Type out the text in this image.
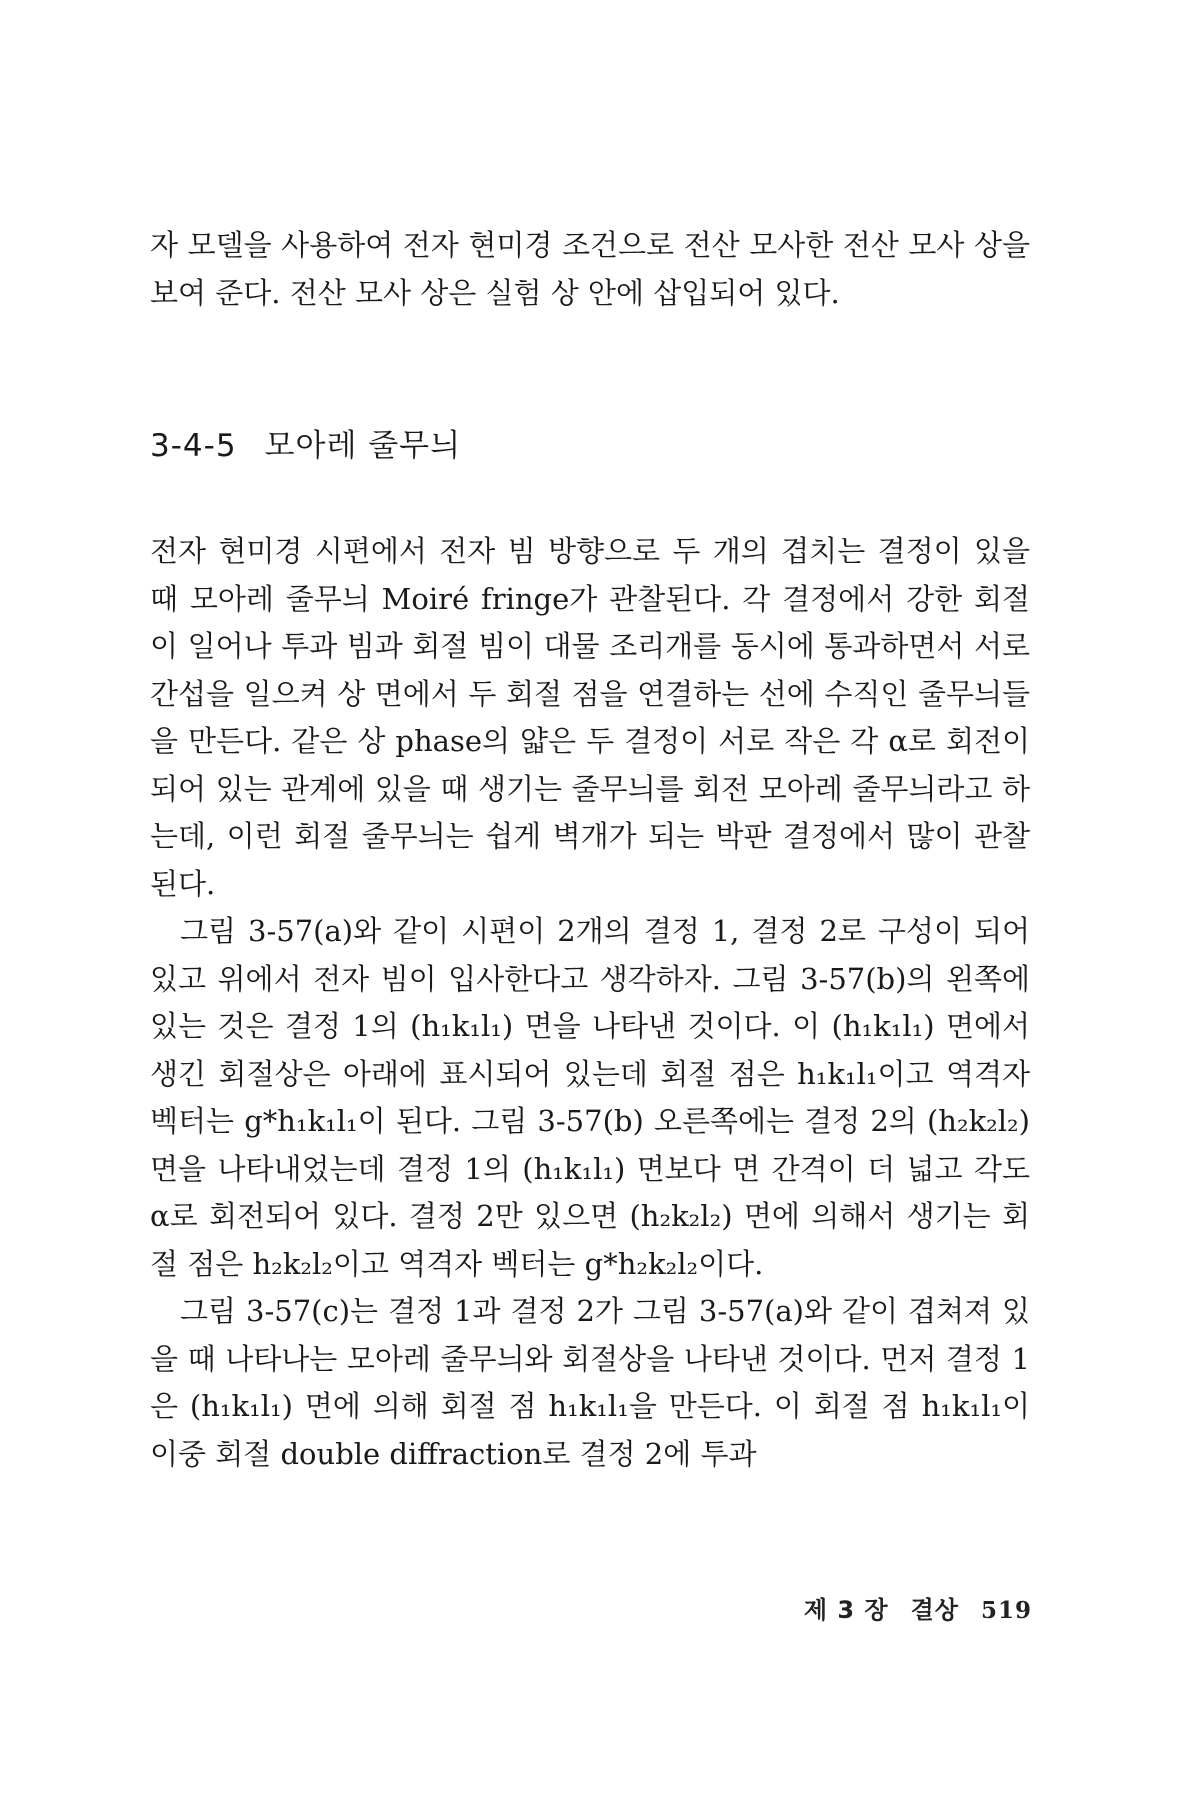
자 모델을 사용하여 전자 현미경 조건으로 전산 모사한 전산 모사 상을 보여 준다. 전산 모사 상은 실험 상 안에 삽입되어 있다.

3-4-5 모아레 줄무늬

전자 현미경 시편에서 전자 빔 방향으로 두 개의 겹치는 결정이 있을 때 모아레 줄무늬 Moiré fringe가 관찰된다. 각 결정에서 강한 회절이 일어나 투과 빔과 회절 빔이 대물 조리개를 동시에 통과하면서 서로 간섭을 일으켜 상 면에서 두 회절 점을 연결하는 선에 수직인 줄무늬들을 만든다. 같은 상 phase의 얇은 두 결정이 서로 작은 각 α로 회전이 되어 있는 관계에 있을 때 생기는 줄무늬를 회전 모아레 줄무늬라고 하는데, 이런 회절 줄무늬는 쉽게 벽개가 되는 박판 결정에서 많이 관찰된다.

그림 3-57(a)와 같이 시편이 2개의 결정 1, 결정 2로 구성이 되어 있고 위에서 전자 빔이 입사한다고 생각하자. 그림 3-57(b)의 왼쪽에 있는 것은 결정 1의 (h₁k₁l₁) 면을 나타낸 것이다. 이 (h₁k₁l₁) 면에서 생긴 회절상은 아래에 표시되어 있는데 회절 점은 h₁k₁l₁이고 역격자 벡터는 g*h₁k₁l₁이 된다. 그림 3-57(b) 오른쪽에는 결정 2의 (h₂k₂l₂) 면을 나타내었는데 결정 1의 (h₁k₁l₁) 면보다 면 간격이 더 넓고 각도 α로 회전되어 있다. 결정 2만 있으면 (h₂k₂l₂) 면에 의해서 생기는 회절 점은 h₂k₂l₂이고 역격자 벡터는 g*h₂k₂l₂이다.

그림 3-57(c)는 결정 1과 결정 2가 그림 3-57(a)와 같이 겹쳐져 있을 때 나타나는 모아레 줄무늬와 회절상을 나타낸 것이다. 먼저 결정 1은 (h₁k₁l₁) 면에 의해 회절 점 h₁k₁l₁을 만든다. 이 회절 점 h₁k₁l₁이 이중 회절 double diffraction로 결정 2에 투과

제 3 장 결상 519
